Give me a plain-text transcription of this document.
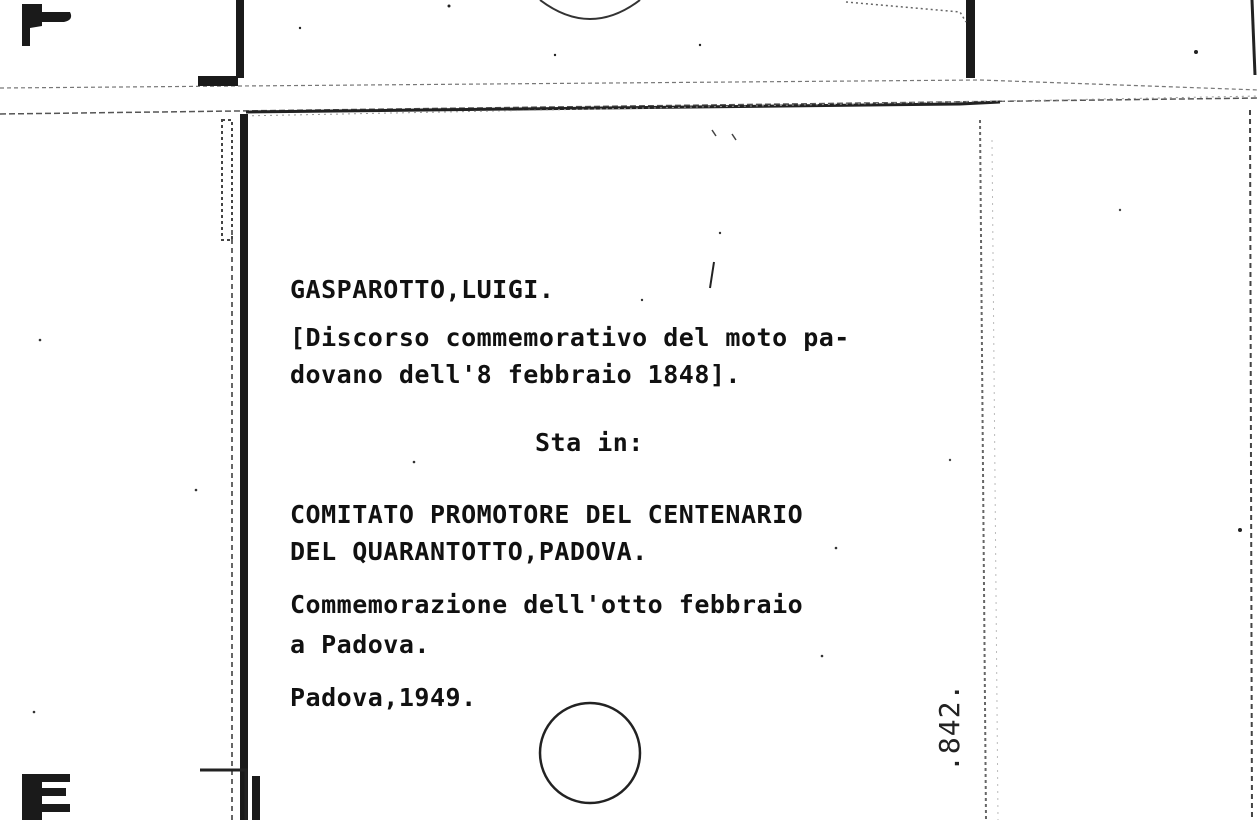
GASPAROTTO,LUIGI.
[Discorso commemorativo del moto pa-
dovano dell'8 febbraio 1848].
Sta in:
COMITATO PROMOTORE DEL CENTENARIO
DEL QUARANTOTTO,PADOVA.
Commemorazione dell'otto febbraio
a Padova.
Padova,1949.	.842.
